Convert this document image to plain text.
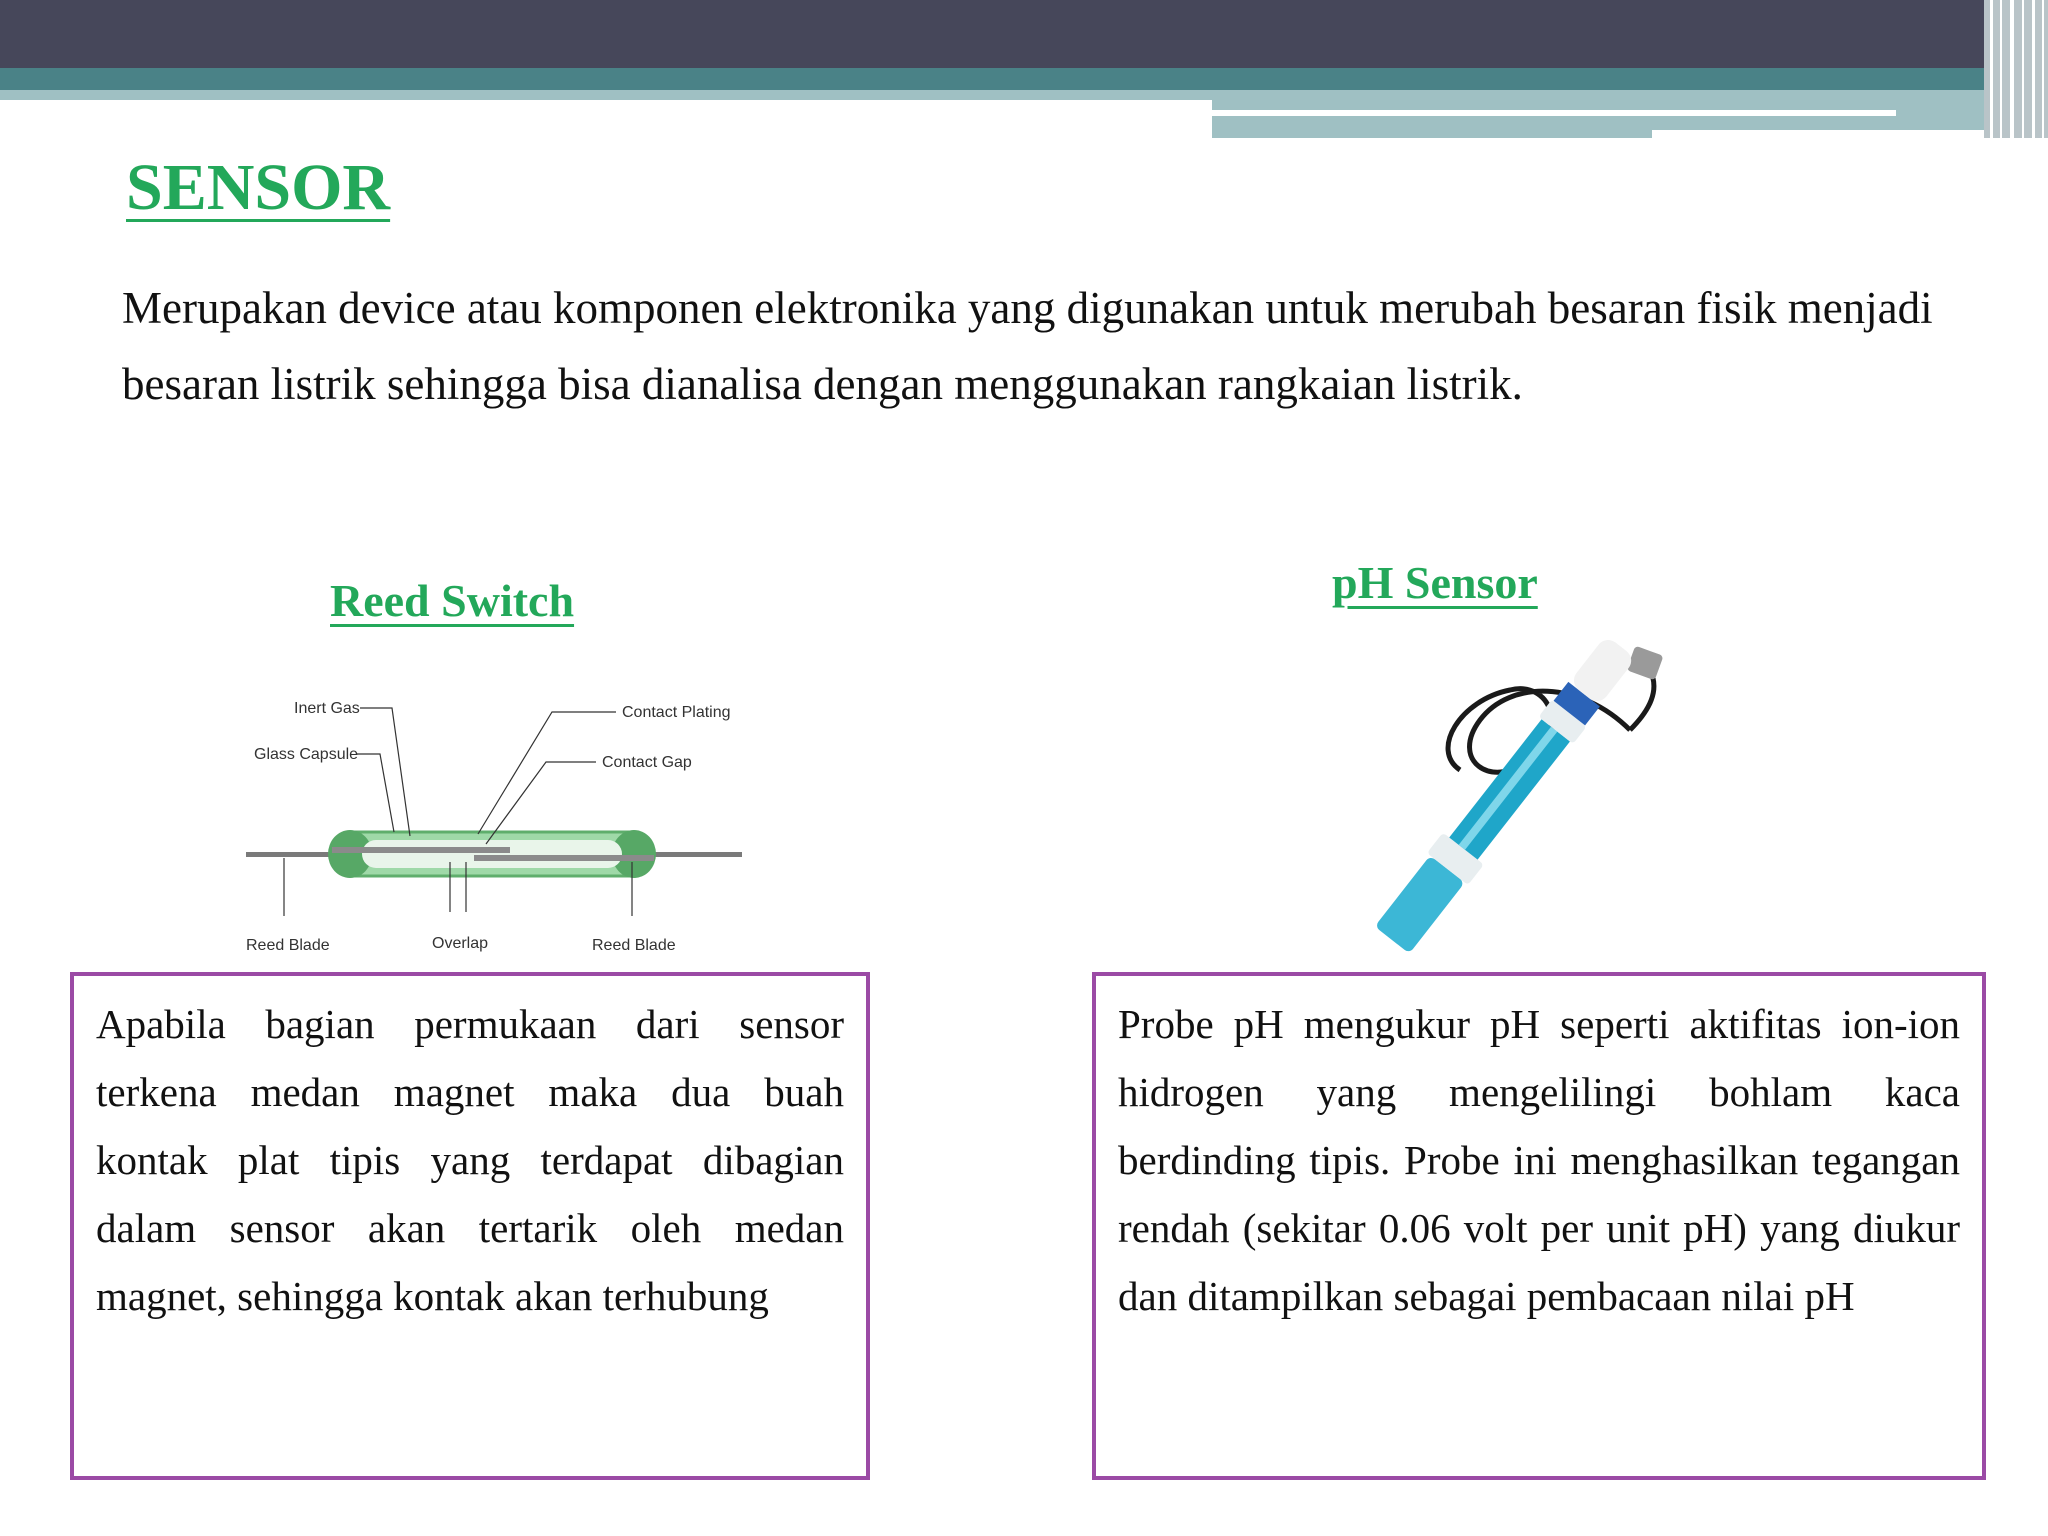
SENSOR

Merupakan device atau komponen elektronika yang digunakan untuk merubah besaran fisik menjadi besaran listrik sehingga bisa dianalisa dengan menggunakan rangkaian listrik.

Reed Switch
Inert Gas
Glass Capsule
Contact Plating
Contact Gap
Reed Blade	Overlap	Reed Blade

Apabila bagian permukaan dari sensor terkena medan magnet maka dua buah kontak plat tipis yang terdapat dibagian dalam sensor akan tertarik oleh medan magnet, sehingga kontak akan terhubung

pH Sensor

Probe pH mengukur pH seperti aktifitas ion-ion hidrogen yang mengelilingi bohlam kaca berdinding tipis. Probe ini menghasilkan tegangan rendah (sekitar 0.06 volt per unit pH) yang diukur dan ditampilkan sebagai pembacaan nilai pH
